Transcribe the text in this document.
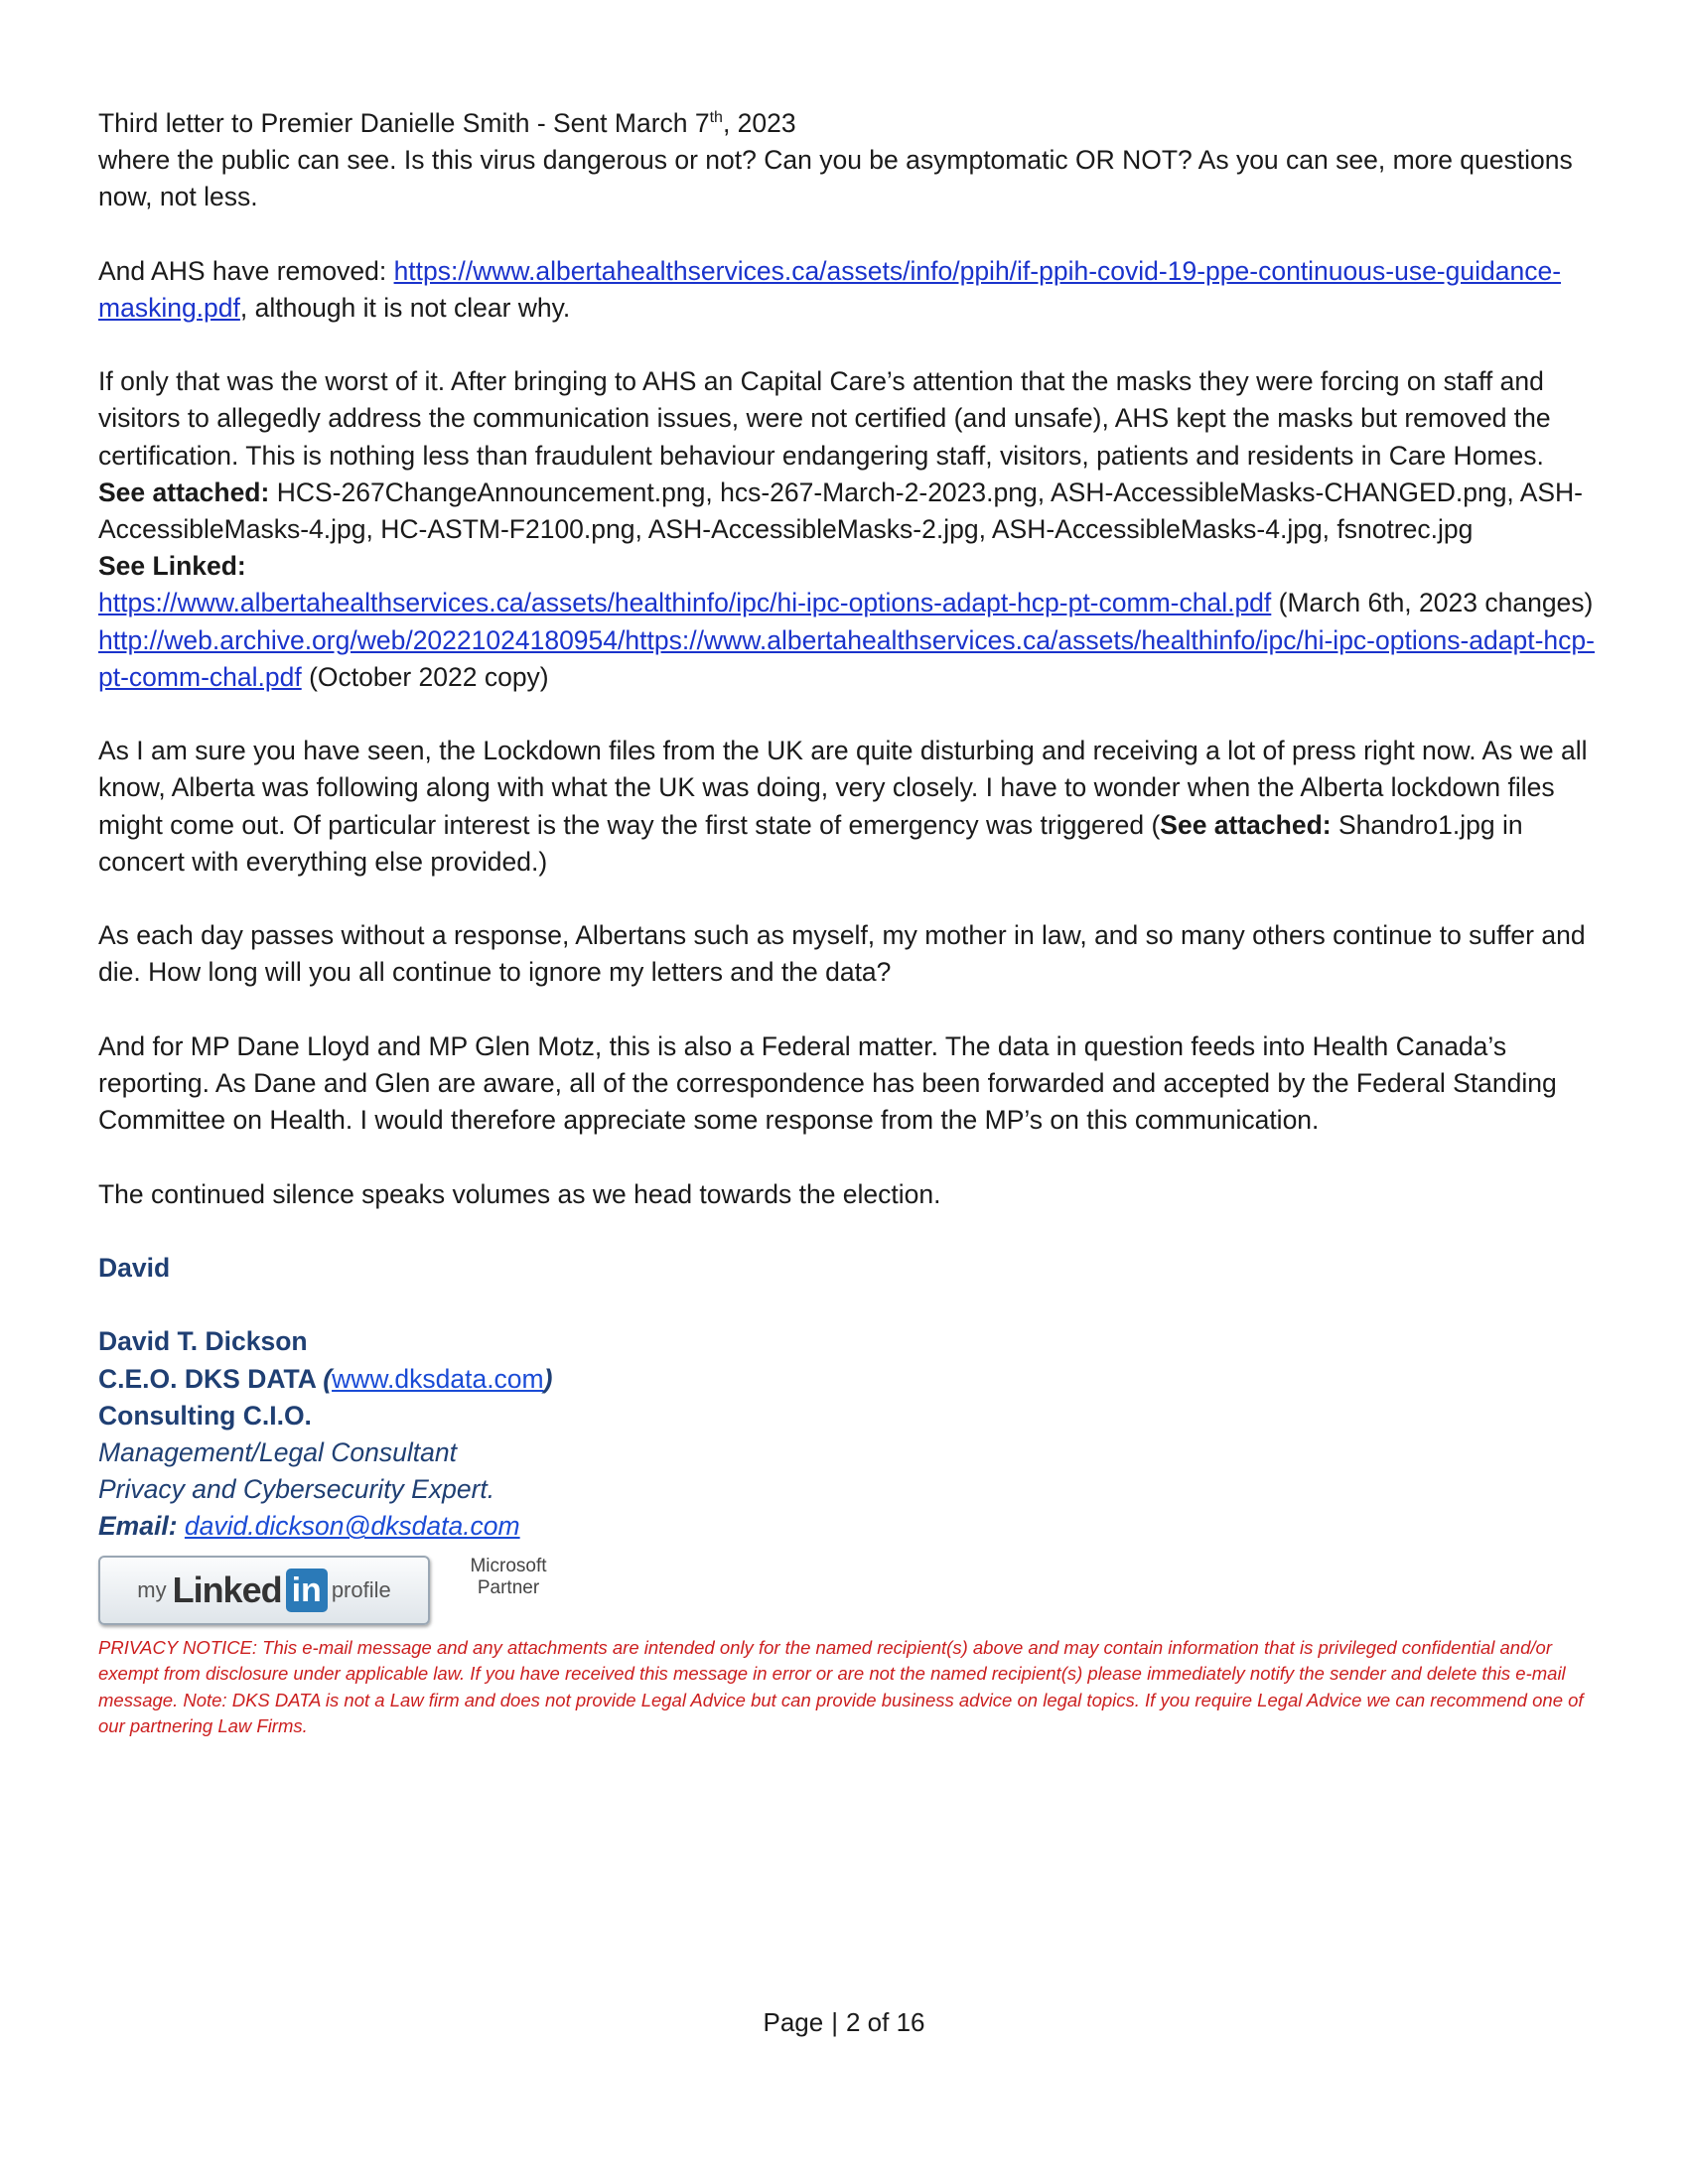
Third letter to Premier Danielle Smith - Sent March 7th, 2023

where the public can see. Is this virus dangerous or not? Can you be asymptomatic OR NOT? As you can see, more questions now, not less.

And AHS have removed: https://www.albertahealthservices.ca/assets/info/ppih/if-ppih-covid-19-ppe-continuous-use-guidance-masking.pdf, although it is not clear why.

If only that was the worst of it. After bringing to AHS an Capital Care’s attention that the masks they were forcing on staff and visitors to allegedly address the communication issues, were not certified (and unsafe), AHS kept the masks but removed the certification. This is nothing less than fraudulent behaviour endangering staff, visitors, patients and residents in Care Homes.

See attached: HCS-267ChangeAnnouncement.png, hcs-267-March-2-2023.png, ASH-AccessibleMasks-CHANGED.png, ASH-AccessibleMasks-4.jpg, HC-ASTM-F2100.png, ASH-AccessibleMasks-2.jpg, ASH-AccessibleMasks-4.jpg, fsnotrec.jpg

See Linked:

https://www.albertahealthservices.ca/assets/healthinfo/ipc/hi-ipc-options-adapt-hcp-pt-comm-chal.pdf (March 6th, 2023 changes)

http://web.archive.org/web/20221024180954/https://www.albertahealthservices.ca/assets/healthinfo/ipc/hi-ipc-options-adapt-hcp-pt-comm-chal.pdf (October 2022 copy)

As I am sure you have seen, the Lockdown files from the UK are quite disturbing and receiving a lot of press right now. As we all know, Alberta was following along with what the UK was doing, very closely. I have to wonder when the Alberta lockdown files might come out. Of particular interest is the way the first state of emergency was triggered (See attached: Shandro1.jpg in concert with everything else provided.)

As each day passes without a response, Albertans such as myself, my mother in law, and so many others continue to suffer and die. How long will you all continue to ignore my letters and the data?

And for MP Dane Lloyd and MP Glen Motz, this is also a Federal matter. The data in question feeds into Health Canada’s reporting. As Dane and Glen are aware, all of the correspondence has been forwarded and accepted by the Federal Standing Committee on Health. I would therefore appreciate some response from the MP’s on this communication.

The continued silence speaks volumes as we head towards the election.

David

David T. Dickson

C.E.O. DKS DATA (www.dksdata.com)

Consulting C.I.O.

Management/Legal Consultant

Privacy and Cybersecurity Expert.

Email: david.dickson@dksdata.com

my Linked in profile
Microsoft
Partner

PRIVACY NOTICE: This e-mail message and any attachments are intended only for the named recipient(s) above and may contain information that is privileged confidential and/or exempt from disclosure under applicable law. If you have received this message in error or are not the named recipient(s) please immediately notify the sender and delete this e-mail message. Note: DKS DATA is not a Law firm and does not provide Legal Advice but can provide business advice on legal topics. If you require Legal Advice we can recommend one of our partnering Law Firms.

Page | 2 of 16
